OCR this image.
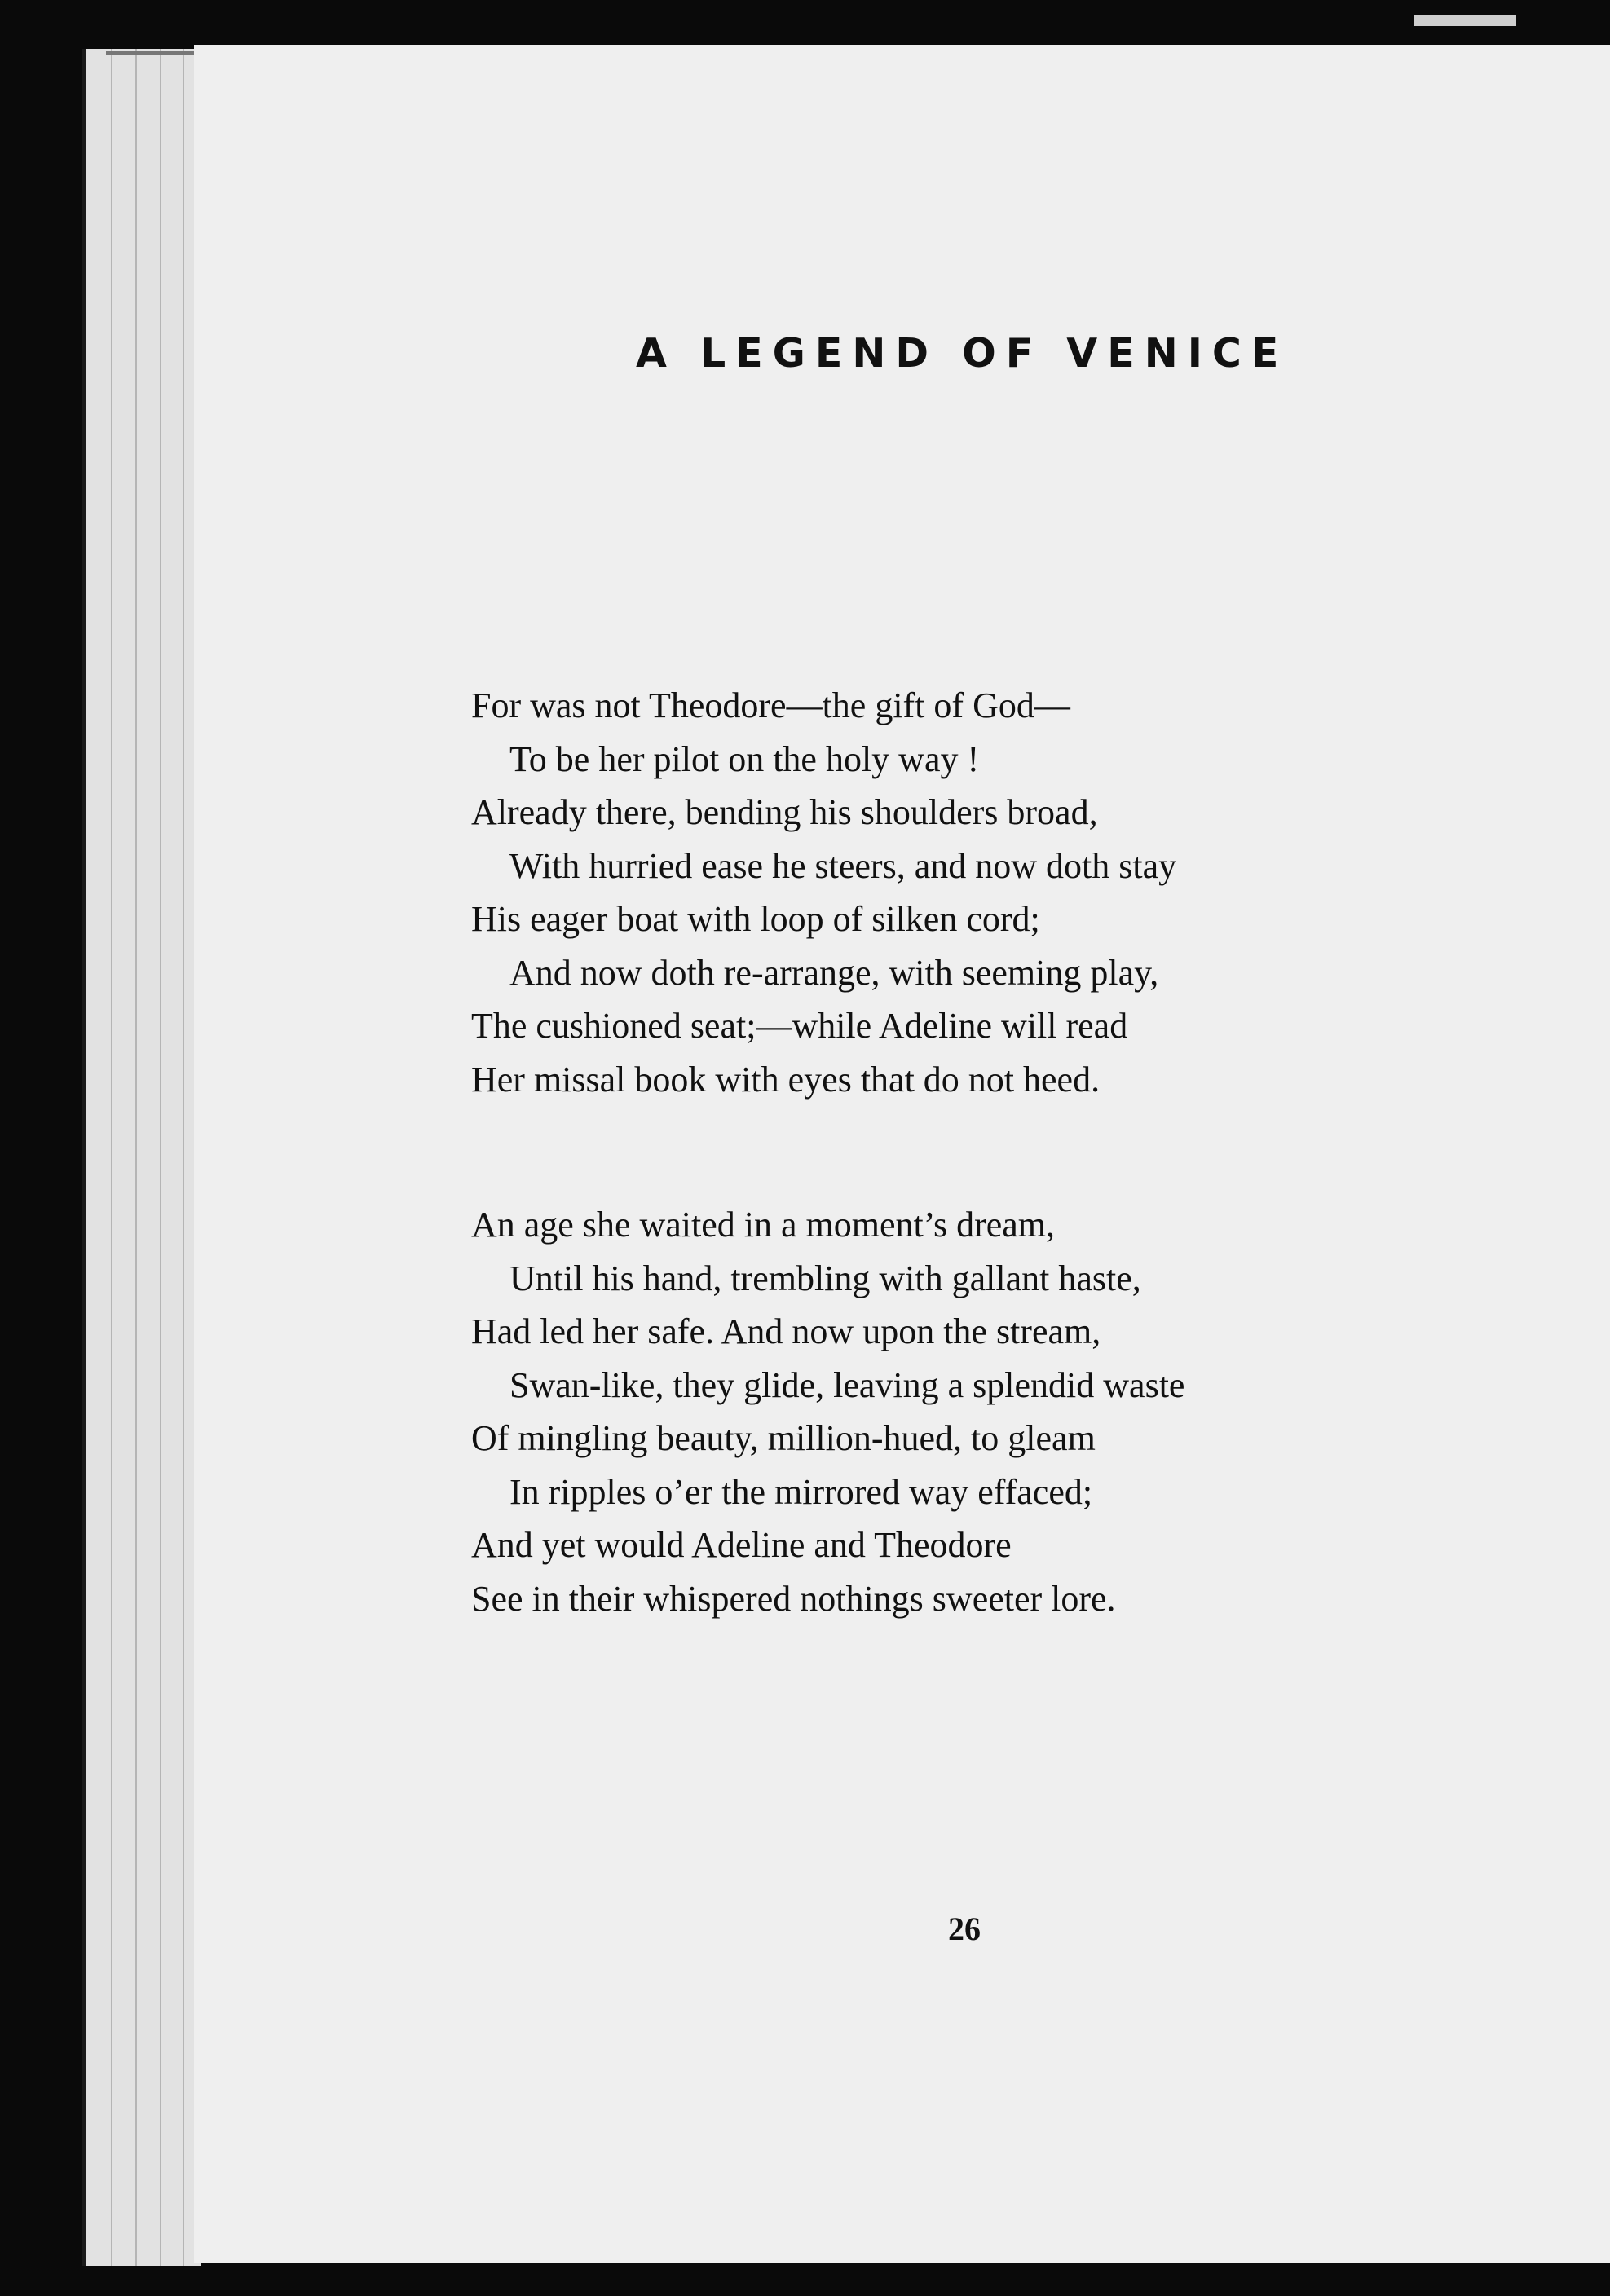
A LEGEND OF VENICE
For was not Theodore—the gift of God—
To be her pilot on the holy way !
Already there, bending his shoulders broad,
With hurried ease he steers, and now doth stay
His eager boat with loop of silken cord;
And now doth re-arrange, with seeming play,
The cushioned seat;—while Adeline will read
Her missal book with eyes that do not heed.
An age she waited in a moment’s dream,
Until his hand, trembling with gallant haste,
Had led her safe. And now upon the stream,
Swan-like, they glide, leaving a splendid waste
Of mingling beauty, million-hued, to gleam
In ripples o’er the mirrored way effaced;
And yet would Adeline and Theodore
See in their whispered nothings sweeter lore.
26
